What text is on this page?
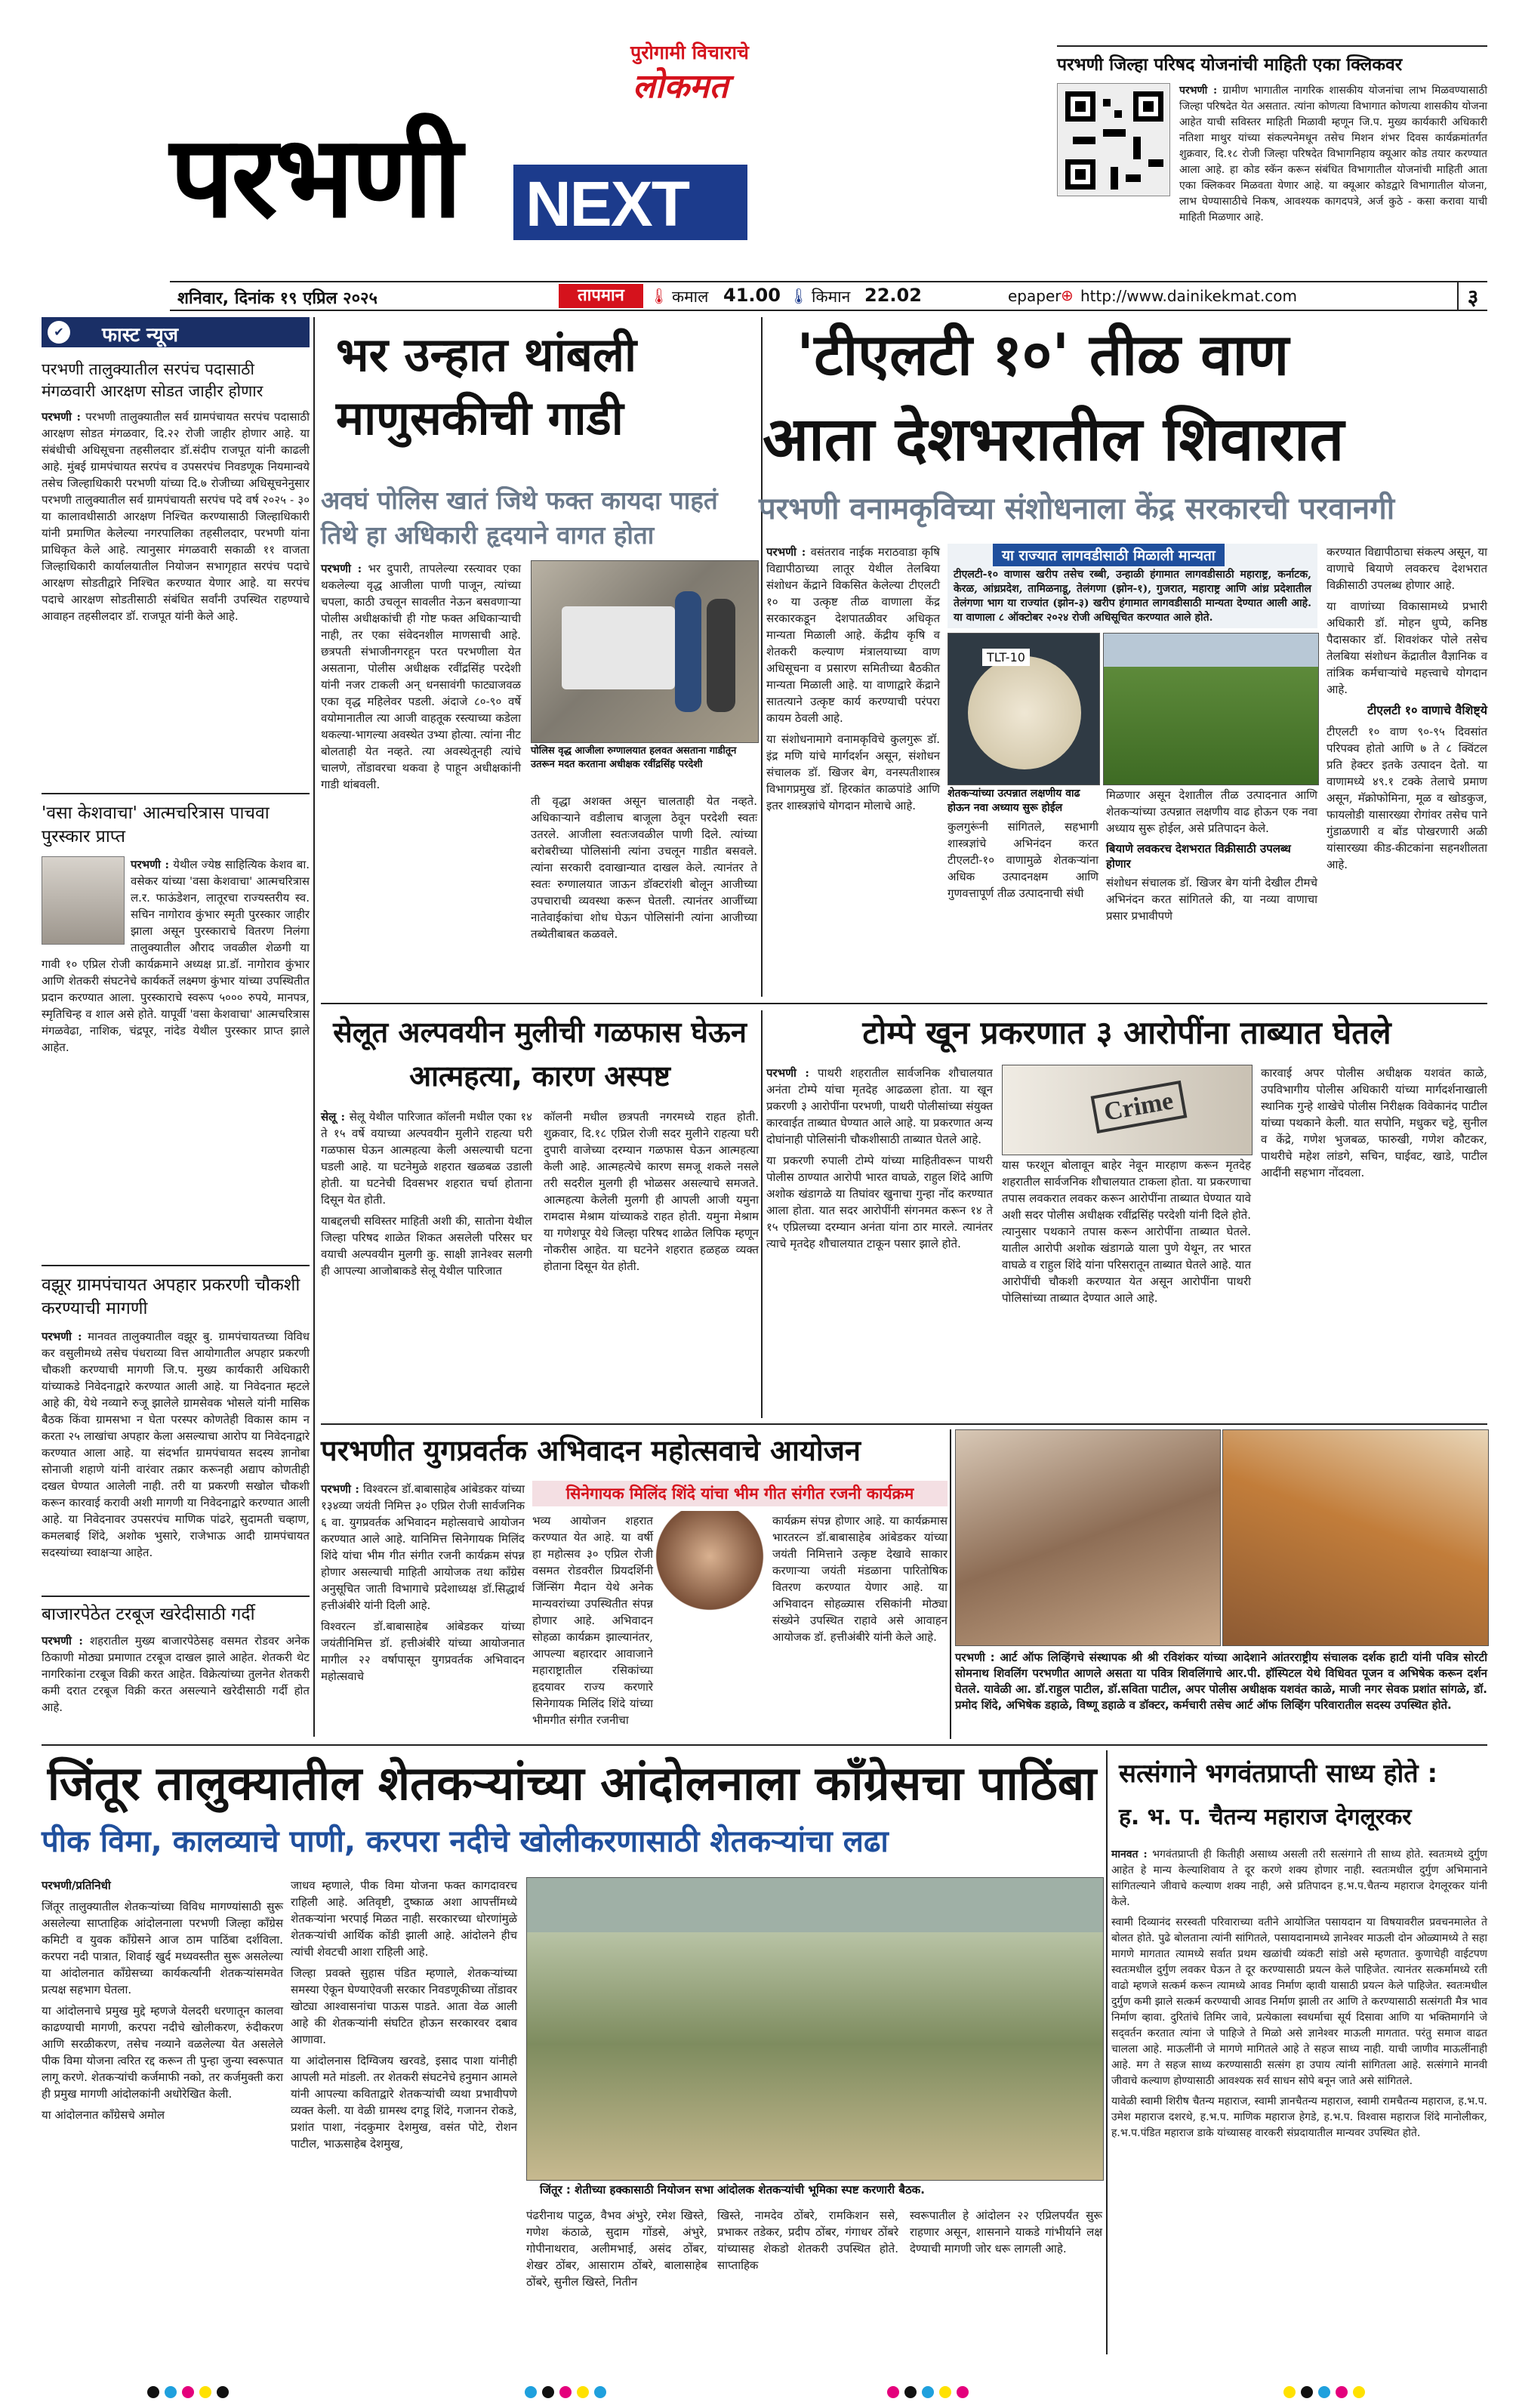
पुरोगामी विचाराचे
लोकमत
परभणी NEXT
परभणी जिल्हा परिषद योजनांची माहिती एका क्लिकवर

परभणी : ग्रामीण भागातील नागरिक शासकीय योजनांचा लाभ मिळवण्यासाठी जिल्हा परिषदेत येत असतात. त्यांना कोणत्या विभागात कोणत्या शासकीय योजना आहेत याची सविस्तर माहिती मिळावी म्हणून जि.प. मुख्य कार्यकारी अधिकारी नतिशा माथुर यांच्या संकल्पनेमधून तसेच मिशन शंभर दिवस कार्यक्रमांतर्गत शुक्रवार, दि.१८ रोजी जिल्हा परिषदेत विभागनिहाय क्यूआर कोड तयार करण्यात आला आहे. हा कोड स्कॅन करून संबंधित विभागातील योजनांची माहिती आता एका क्लिकवर मिळवता येणार आहे. या क्यूआर कोडद्वारे विभागातील योजना, लाभ घेण्यासाठीचे निकष, आवश्यक कागदपत्रे, अर्ज कुठे - कसा करावा याची माहिती मिळणार आहे.

शनिवार, दिनांक १९ एप्रिल २०२५	तापमान	🌡 कमाल 41.00 🌡 किमान 22.02	epaper ⊕ http://www.dainikekmat.com	३
✔	फास्ट न्यूज
परभणी तालुक्यातील सरपंच पदासाठी मंगळवारी आरक्षण सोडत जाहीर होणार

परभणी : परभणी तालुक्यातील सर्व ग्रामपंचायत सरपंच पदासाठी आरक्षण सोडत मंगळवार, दि.२२ रोजी जाहीर होणार आहे. या संबंधीची अधिसूचना तहसीलदार डॉ.संदीप राजपूत यांनी काढली आहे. मुंबई ग्रामपंचायत सरपंच व उपसरपंच निवडणूक नियमान्वये तसेच जिल्हाधिकारी परभणी यांच्या दि.७ रोजीच्या अधिसूचनेनुसार परभणी तालुक्यातील सर्व ग्रामपंचायती सरपंच पदे वर्ष २०२५ - ३० या कालावधीसाठी आरक्षण निश्चित करण्यासाठी जिल्हाधिकारी यांनी प्रमाणित केलेल्या नगरपालिका तहसीलदार, परभणी यांना प्राधिकृत केले आहे. त्यानुसार मंगळवारी सकाळी ११ वाजता जिल्हाधिकारी कार्यालयातील नियोजन सभागृहात सरपंच पदाचे आरक्षण सोडतीद्वारे निश्चित करण्यात येणार आहे. या सरपंच पदाचे आरक्षण सोडतीसाठी संबंधित सर्वांनी उपस्थित राहण्याचे आवाहन तहसीलदार डॉ. राजपूत यांनी केले आहे.

'वसा केशवाचा' आत्मचरित्रास पाचवा पुरस्कार प्राप्त

परभणी : येथील ज्येष्ठ साहित्यिक केशव बा. वसेकर यांच्या 'वसा केशवाचा' आत्मचरित्रास ल.र. फाऊंडेशन, लातूरचा राज्यस्तरीय स्व. सचिन नागोराव कुंभार स्मृती पुरस्कार जाहीर झाला असून पुरस्काराचे वितरण निलंगा तालुक्यातील औराद जवळील शेळगी या गावी १० एप्रिल रोजी कार्यक्रमाने अध्यक्ष प्रा.डॉ. नागोराव कुंभार आणि शेतकरी संघटनेचे कार्यकर्ते लक्ष्मण कुंभार यांच्या उपस्थितीत प्रदान करण्यात आला. पुरस्काराचे स्वरूप ५००० रुपये, मानपत्र, स्मृतिचिन्ह व शाल असे होते. यापूर्वी 'वसा केशवाचा' आत्मचरित्रास मंगळवेढा, नाशिक, चंद्रपूर, नांदेड येथील पुरस्कार प्राप्त झाले आहेत.

वझूर ग्रामपंचायत अपहार प्रकरणी चौकशी करण्याची मागणी

परभणी : मानवत तालुक्यातील वझूर बु. ग्रामपंचायतच्या विविध कर वसुलीमध्ये तसेच पंधराव्या वित्त आयोगातील अपहार प्रकरणी चौकशी करण्याची मागणी जि.प. मुख्य कार्यकारी अधिकारी यांच्याकडे निवेदनाद्वारे करण्यात आली आहे. या निवेदनात म्हटले आहे की, येथे नव्याने रुजू झालेले ग्रामसेवक भोसले यांनी मासिक बैठक किंवा ग्रामसभा न घेता परस्पर कोणतेही विकास काम न करता २५ लाखांचा अपहार केला असल्याचा आरोप या निवेदनाद्वारे करण्यात आला आहे. या संदर्भात ग्रामपंचायत सदस्य ज्ञानोबा सोनाजी शहाणे यांनी वारंवार तक्रार करूनही अद्याप कोणतीही दखल घेण्यात आलेली नाही. तरी या प्रकरणी सखोल चौकशी करून कारवाई करावी अशी मागणी या निवेदनाद्वारे करण्यात आली आहे. या निवेदनावर उपसरपंच माणिक पांढरे, सुदामती चव्हाण, कमलबाई शिंदे, अशोक भुसारे, राजेभाऊ आदी ग्रामपंचायत सदस्यांच्या स्वाक्षऱ्या आहेत.

बाजारपेठेत टरबूज खरेदीसाठी गर्दी

परभणी : शहरातील मुख्य बाजारपेठेसह वसमत रोडवर अनेक ठिकाणी मोठ्या प्रमाणात टरबूज दाखल झाले आहेत. शेतकरी थेट नागरिकांना टरबूज विक्री करत आहेत. विक्रेत्यांच्या तुलनेत शेतकरी कमी दरात टरबूज विक्री करत असल्याने खरेदीसाठी गर्दी होत आहे.

भर उन्हात थांबली माणुसकीची गाडी
अवघं पोलिस खातं जिथे फक्त कायदा पाहतं तिथे हा अधिकारी हृदयाने वागत होता

परभणी : भर दुपारी, तापलेल्या रस्त्यावर एका थकलेल्या वृद्ध आजीला पाणी पाजून, त्यांच्या चपला, काठी उचलून सावलीत नेऊन बसवणाऱ्या पोलीस अधीक्षकांची ही गोष्ट फक्त अधिकाऱ्याची नाही, तर एका संवेदनशील माणसाची आहे. छत्रपती संभाजीनगरहून परत परभणीला येत असताना, पोलीस अधीक्षक रवींद्रसिंह परदेशी यांनी नजर टाकली अन् धनसावंगी फाट्याजवळ एका वृद्ध महिलेवर पडली. अंदाजे ८०-९० वर्षे वयोमानातील त्या आजी वाहतूक रस्त्याच्या कडेला थकल्या-भागल्या अवस्थेत उभ्या होत्या. त्यांना नीट बोलताही येत नव्हते. त्या अवस्थेतूनही त्यांचे चालणे, तोंडावरचा थकवा हे पाहून अधीक्षकांनी गाडी थांबवली.

पोलिस वृद्ध आजीला रुग्णालयात हलवत असताना गाडीतून उतरून मदत करताना अधीक्षक रवींद्रसिंह परदेशी

ती वृद्धा अशक्त असून चालताही येत नव्हते. अधिकाऱ्याने वडीलाच बाजूला ठेवून परदेशी स्वतः उतरले. आजीला स्वतःजवळील पाणी दिले. त्यांच्या बरोबरीच्या पोलिसांनी त्यांना उचलून गाडीत बसवले. त्यांना सरकारी दवाखान्यात दाखल केले. त्यानंतर ते स्वतः रुग्णालयात जाऊन डॉक्टरांशी बोलून आजीच्या उपचाराची व्यवस्था करून घेतली. त्यानंतर आजींच्या नातेवाईकांचा शोध घेऊन पोलिसांनी त्यांना आजीच्या तब्येतीबाबत कळवले.

'टीएलटी १०' तीळ वाण
आता देशभरातील शिवारात
परभणी वनामकृविच्या संशोधनाला केंद्र सरकारची परवानगी

परभणी : वसंतराव नाईक मराठवाडा कृषि विद्यापीठाच्या लातूर येथील तेलबिया संशोधन केंद्राने विकसित केलेल्या टीएलटी १० या उत्कृष्ट तीळ वाणाला केंद्र सरकारकडून देशपातळीवर अधिकृत मान्यता मिळाली आहे. केंद्रीय कृषि व शेतकरी कल्याण मंत्रालयाच्या वाण अधिसूचना व प्रसारण समितीच्या बैठकीत मान्यता मिळाली आहे. या वाणाद्वारे केंद्राने सातत्याने उत्कृष्ट कार्य करण्याची परंपरा कायम ठेवली आहे.

या संशोधनामागे वनामकृविचे कुलगुरू डॉ. इंद्र मणि यांचे मार्गदर्शन असून, संशोधन संचालक डॉ. खिजर बेग, वनस्पतीशास्त्र विभागप्रमुख डॉ. हिरकांत काळपांडे आणि इतर शास्त्रज्ञांचे योगदान मोलाचे आहे.

या राज्यात लागवडीसाठी मिळाली मान्यता

टीएलटी-१० वाणास खरीप तसेच रब्बी, उन्हाळी हंगामात लागवडीसाठी महाराष्ट्र, कर्नाटक, केरळ, आंध्रप्रदेश, तामिळनाडू, तेलंगणा (झोन-१), गुजरात, महाराष्ट्र आणि आंध्र प्रदेशातील तेलंगणा भाग या राज्यांत (झोन-३) खरीप हंगामात लागवडीसाठी मान्यता देण्यात आली आहे. या वाणाला ८ ऑक्टोबर २०२४ रोजी अधिसूचित करण्यात आले होते.

TLT-10
शेतकऱ्यांच्या उत्पन्नात लक्षणीय वाढ होऊन नवा अध्याय सुरू होईल

कुलगुरूंनी सांगितले, सहभागी शास्त्रज्ञांचे अभिनंदन करत टीएलटी-१० वाणामुळे शेतकऱ्यांना अधिक उत्पादनक्षम आणि गुणवत्तापूर्ण तीळ उत्पादनाची संधी

मिळणार असून देशातील तीळ उत्पादनात आणि शेतकऱ्यांच्या उत्पन्नात लक्षणीय वाढ होऊन एक नवा अध्याय सुरू होईल, असे प्रतिपादन केले.

बियाणे लवकरच देशभरात विक्रीसाठी उपलब्ध होणार

संशोधन संचालक डॉ. खिजर बेग यांनी देखील टीमचे अभिनंदन करत सांगितले की, या नव्या वाणाचा प्रसार प्रभावीपणे

करण्यात विद्यापीठाचा संकल्प असून, या वाणाचे बियाणे लवकरच देशभरात विक्रीसाठी उपलब्ध होणार आहे.

या वाणांच्या विकासामध्ये प्रभारी अधिकारी डॉ. मोहन धुप्पे, कनिष्ठ पैदासकार डॉ. शिवशंकर पोले तसेच तेलबिया संशोधन केंद्रातील वैज्ञानिक व तांत्रिक कर्मचाऱ्यांचे महत्त्वाचे योगदान आहे.

टीएलटी १० वाणाचे वैशिष्ट्ये

टीएलटी १० वाण ९०-९५ दिवसांत परिपक्व होतो आणि ७ ते ८ क्विंटल प्रति हेक्टर इतके उत्पादन देतो. या वाणामध्ये ४९.१ टक्के तेलाचे प्रमाण असून, मॅक्रोफोमिना, मूळ व खोडकुज, फायलोडी यासारख्या रोगांवर तसेच पाने गुंडाळणारी व बोंड पोखरणारी अळी यांसारख्या कीड-कीटकांना सहनशीलता आहे.

सेलूत अल्पवयीन मुलीची गळफास घेऊन आत्महत्या, कारण अस्पष्ट

सेलू : सेलू येथील पारिजात कॉलनी मधील एका १४ ते १५ वर्षे वयाच्या अल्पवयीन मुलीने राहत्या घरी गळफास घेऊन आत्महत्या केली असल्याची घटना घडली आहे. या घटनेमुळे शहरात खळबळ उडाली होती. या घटनेची दिवसभर शहरात चर्चा होताना दिसून येत होती.

याबद्दलची सविस्तर माहिती अशी की, सातोना येथील जिल्हा परिषद शाळेत शिकत असलेली परिसर घर वयाची अल्पवयीन मुलगी कु. साक्षी ज्ञानेश्वर सलगी ही आपल्या आजोबाकडे सेलू येथील पारिजात

कॉलनी मधील छत्रपती नगरमध्ये राहत होती. शुक्रवार, दि.१८ एप्रिल रोजी सदर मुलीने राहत्या घरी दुपारी वाजेच्या दरम्यान गळफास घेऊन आत्महत्या केली आहे. आत्महत्येचे कारण समजू शकले नसले तरी सदरील मुलगी ही भोळसर असल्याचे समजते. आत्महत्या केलेली मुलगी ही आपली आजी यमुना रामदास मेश्राम यांच्याकडे राहत होती. यमुना मेश्राम या गणेशपूर येथे जिल्हा परिषद शाळेत लिपिक म्हणून नोकरीस आहेत. या घटनेने शहरात हळहळ व्यक्त होताना दिसून येत होती.

टोम्पे खून प्रकरणात ३ आरोपींना ताब्यात घेतले

परभणी : पाथरी शहरातील सार्वजनिक शौचालयात अनंता टोम्पे यांचा मृतदेह आढळला होता. या खून प्रकरणी ३ आरोपींना परभणी, पाथरी पोलीसांच्या संयुक्त कारवाईत ताब्यात घेण्यात आले आहे. या प्रकरणात अन्य दोघांनाही पोलिसांनी चौकशीसाठी ताब्यात घेतले आहे.

या प्रकरणी रुपाली टोम्पे यांच्या माहितीवरून पाथरी पोलीस ठाण्यात आरोपी भारत वाघळे, राहुल शिंदे आणि अशोक खंडागळे या तिघांवर खुनाचा गुन्हा नोंद करण्यात आला होता. यात सदर आरोपींनी संगनमत करून १४ ते १५ एप्रिलच्या दरम्यान अनंता यांना ठार मारले. त्यानंतर त्याचे मृतदेह शौचालयात टाकून पसार झाले होते.

Crime

यास फरशून बोलावून बाहेर नेवून मारहाण करून मृतदेह शहरातील सार्वजनिक शौचालयात टाकला होता. या प्रकरणाचा तपास लवकरात लवकर करून आरोपींना ताब्यात घेण्यात यावे अशी सदर पोलीस अधीक्षक रवींद्रसिंह परदेशी यांनी दिले होते. त्यानुसार पथकाने तपास करून आरोपींना ताब्यात घेतले. यातील आरोपी अशोक खंडागळे याला पुणे येथून, तर भारत वाघळे व राहुल शिंदे यांना परिसरातून ताब्यात घेतले आहे. यात आरोपींची चौकशी करण्यात येत असून आरोपींना पाथरी पोलिसांच्या ताब्यात देण्यात आले आहे.

कारवाई अपर पोलीस अधीक्षक यशवंत काळे, उपविभागीय पोलीस अधिकारी यांच्या मार्गदर्शनाखाली स्थानिक गुन्हे शाखेचे पोलीस निरीक्षक विवेकानंद पाटील यांच्या पथकाने केली. यात सपोनि, मधुकर चट्टे, सुनील व केंद्रे, गणेश भुजबळ, फारुखी, गणेश कौटकर, पाथरीचे महेश लांडगे, सचिन, घाईवट, खाडे, पाटील आदींनी सहभाग नोंदवला.

परभणीत युगप्रवर्तक अभिवादन महोत्सवाचे आयोजन

परभणी : विश्वरत्न डॉ.बाबासाहेब आंबेडकर यांच्या १३४व्या जयंती निमित्त ३० एप्रिल रोजी सार्वजनिक ६ वा. युगप्रवर्तक अभिवादन महोत्सवाचे आयोजन करण्यात आले आहे. यानिमित्त सिनेगायक मिलिंद शिंदे यांचा भीम गीत संगीत रजनी कार्यक्रम संपन्न होणार असल्याची माहिती आयोजक तथा कॉंग्रेस अनुसूचित जाती विभागाचे प्रदेशाध्यक्ष डॉ.सिद्धार्थ हत्तीअंबीरे यांनी दिली आहे.

विश्वरत्न डॉ.बाबासाहेब आंबेडकर यांच्या जयंतीनिमित्त डॉ. हत्तीअंबीरे यांच्या आयोजनात मागील २२ वर्षापासून युगप्रवर्तक अभिवादन महोत्सवाचे

सिनेगायक मिलिंद शिंदे यांचा भीम गीत संगीत रजनी कार्यक्रम

भव्य आयोजन शहरात करण्यात येत आहे. या वर्षी हा महोत्सव ३० एप्रिल रोजी वसमत रोडवरील प्रियदर्शिनी जिंन्सिंग मैदान येथे अनेक मान्यवरांच्या उपस्थितीत संपन्न होणार आहे. अभिवादन सोहळा कार्यक्रम झाल्यानंतर, आपल्या बहारदार आवाजाने महाराष्ट्रातील रसिकांच्या हृदयावर राज्य करणारे सिनेगायक मिलिंद शिंदे यांच्या भीमगीत संगीत रजनीचा

कार्यक्रम संपन्न होणार आहे. या कार्यक्रमास भारतरत्न डॉ.बाबासाहेब आंबेडकर यांच्या जयंती निमित्ताने उत्कृष्ट देखावे साकार करणाऱ्या जयंती मंडळाना पारितोषिक वितरण करण्यात येणार आहे. या अभिवादन सोहळ्यास रसिकांनी मोठ्या संख्येने उपस्थित राहावे असे आवाहन आयोजक डॉ. हत्तीअंबीरे यांनी केले आहे.

परभणी : आर्ट ऑफ लिव्हिंगचे संस्थापक श्री श्री रविशंकर यांच्या आदेशाने आंतरराष्ट्रीय संचालक दर्शक हाटी यांनी पवित्र सोरटी सोमनाथ शिवलिंग परभणीत आणले असता या पवित्र शिवलिंगाचे आर.पी. हॉस्पिटल येथे विधिवत पूजन व अभिषेक करून दर्शन घेतले. यावेळी आ. डॉ.राहुल पाटील, डॉ.सविता पाटील, अपर पोलीस अधीक्षक यशवंत काळे, माजी नगर सेवक प्रशांत सांगळे, डॉ. प्रमोद शिंदे, अभिषेक डहाळे, विष्णू डहाळे व डॉक्टर, कर्मचारी तसेच आर्ट ऑफ लिव्हिंग परिवारातील सदस्य उपस्थित होते.

जिंतूर तालुक्यातील शेतकऱ्यांच्या आंदोलनाला कॉंग्रेसचा पाठिंबा
पीक विमा, कालव्याचे पाणी, करपरा नदीचे खोलीकरणासाठी शेतकऱ्यांचा लढा

परभणी/प्रतिनिधी

जिंतूर तालुक्यातील शेतकऱ्यांच्या विविध मागण्यांसाठी सुरू असलेल्या साप्ताहिक आंदोलनाला परभणी जिल्हा कॉंग्रेस कमिटी व युवक कॉंग्रेसने आज ठाम पाठिंबा दर्शविला. करपरा नदी पात्रात, शिवाई खुर्द मध्यवस्तीत सुरू असलेल्या या आंदोलनात कॉंग्रेसच्या कार्यकर्त्यांनी शेतकऱ्यांसमवेत प्रत्यक्ष सहभाग घेतला.

या आंदोलनाचे प्रमुख मुद्दे म्हणजे येलदरी धरणातून कालवा काढण्याची मागणी, करपरा नदीचे खोलीकरण, रुंदीकरण आणि सरळीकरण, तसेच नव्याने वळलेल्या येत असलेले पीक विमा योजना त्वरित रद्द करून ती पुन्हा जुन्या स्वरूपात लागू करणे. शेतकऱ्यांची कर्जमाफी नको, तर कर्जमुक्ती करा ही प्रमुख मागणी आंदोलकांनी अधोरेखित केली.

या आंदोलनात कॉंग्रेसचे अमोल

जाधव म्हणाले, पीक विमा योजना फक्त कागदावरच राहिली आहे. अतिवृष्टी, दुष्काळ अशा आपत्तींमध्ये शेतकऱ्यांना भरपाई मिळत नाही. सरकारच्या धोरणांमुळे शेतकऱ्यांची आर्थिक कोंडी झाली आहे. आंदोलने हीच त्यांची शेवटची आशा राहिली आहे.

जिल्हा प्रवक्ते सुहास पंडित म्हणाले, शेतकऱ्यांच्या समस्या ऐकून घेण्याऐवजी सरकार निवडणूकीच्या तोंडावर खोट्या आश्वासनांचा पाऊस पाडते. आता वेळ आली आहे की शेतकऱ्यांनी संघटित होऊन सरकारवर दबाव आणावा.

या आंदोलनास दिग्विजय खरवडे, इसाद पाशा यांनीही आपली मते मांडली. तर शेतकरी संघटनेचे हनुमान आमले यांनी आपल्या कविताद्वारे शेतकऱ्यांची व्यथा प्रभावीपणे व्यक्त केली. या वेळी ग्रामस्थ दगडू शिंदे, गजानन रोकडे, प्रशांत पाशा, नंदकुमार देशमुख, वसंत पोटे, रोशन पाटील, भाऊसाहेब देशमुख,

जिंतूर : शेतीच्या हक्कासाठी नियोजन सभा आंदोलक शेतकऱ्यांची भूमिका स्पष्ट करणारी बैठक.

पंढरीनाथ पाटुळ, वैभव अंभुरे, रमेश खिस्ते, गणेश कंठाळे, सुदाम गोंडसे, अंभुरे, गोपीनाथराव, अलीमभाई, असंद ठोंबर, शेखर ठोंबर, आसाराम ठोंबरे, बालासाहेब ठोंबरे, सुनील खिस्ते, नितीन

खिस्ते, नामदेव ठोंबरे, रामकिशन ससे, प्रभाकर तडेकर, प्रदीप ठोंबर, गंगाधर ठोंबरे यांच्यासह शेकडो शेतकरी उपस्थित होते. साप्ताहिक

स्वरूपातील हे आंदोलन २२ एप्रिलपर्यंत सुरू राहणार असून, शासनाने याकडे गांभीर्याने लक्ष देण्याची मागणी जोर धरू लागली आहे.

सत्संगाने भगवंतप्राप्ती साध्य होते :
ह. भ. प. चैतन्य महाराज देगलूरकर

मानवत : भगवंतप्राप्ती ही कितीही असाध्य असली तरी सत्संगाने ती साध्य होते. स्वतःमध्ये दुर्गुण आहेत हे मान्य केल्याशिवाय ते दूर करणे शक्य होणार नाही. स्वतःमधील दुर्गुण अभिमानाने सांगितल्याने जीवाचे कल्याण शक्य नाही, असे प्रतिपादन ह.भ.प.चैतन्य महाराज देगलूरकर यांनी केले.

स्वामी दिव्यानंद सरस्वती परिवाराच्या वतीने आयोजित पसायदान या विषयावरील प्रवचनमालेत ते बोलत होते. पुढे बोलताना त्यांनी सांगितले, पसायदानामध्ये ज्ञानेश्वर माऊली दोन ओळ्यामध्ये ते सहा मागणे मागतात त्यामध्ये सर्वात प्रथम खळांची व्यंकटी सांडो असे म्हणतात. कुणाचेही वाईटपण स्वतःमधील दुर्गुण लवकर घेऊन ते दूर करण्यासाठी प्रयत्न केले पाहिजेत. त्यानंतर सत्कर्मामध्ये रती वाढो म्हणजे सत्कर्म करून त्यामध्ये आवड निर्माण व्हावी यासाठी प्रयत्न केले पाहिजेत. स्वतःमधील दुर्गुण कमी झाले सत्कर्म करण्याची आवड निर्माण झाली तर आणि ते करण्यासाठी सत्संगती मैत्र भाव निर्माण व्हावा. दुरितांचे तिमिर जावे, प्रत्येकाला स्वधर्माचा सूर्य दिसावा आणि या भक्तिमार्गाने जे सद्‌वर्तन करतात त्यांना जे पाहिजे ते मिळो असे ज्ञानेश्वर माऊली मागतात. परंतु समाज वाढत चालला आहे. माऊलींनी जे मागणे मागितले आहे ते सहज साध्य नाही. याची जाणीव माऊलींनाही आहे. मग ते सहज साध्य करण्यासाठी सत्संग हा उपाय त्यांनी सांगितला आहे. सत्संगाने मानवी जीवाचे कल्याण होण्यासाठी आवश्यक सर्व साधन सोपे बनून जाते असे सांगितले.

यावेळी स्वामी शिरीष चैतन्य महाराज, स्वामी ज्ञानचैतन्य महाराज, स्वामी रामचैतन्य महाराज, ह.भ.प. उमेश महाराज दशरथे, ह.भ.प. माणिक महाराज हेगडे, ह.भ.प. विश्वास महाराज शिंदे मानोलीकर, ह.भ.प.पंडित महाराज डाके यांच्यासह वारकरी संप्रदायातील मान्यवर उपस्थित होते.
